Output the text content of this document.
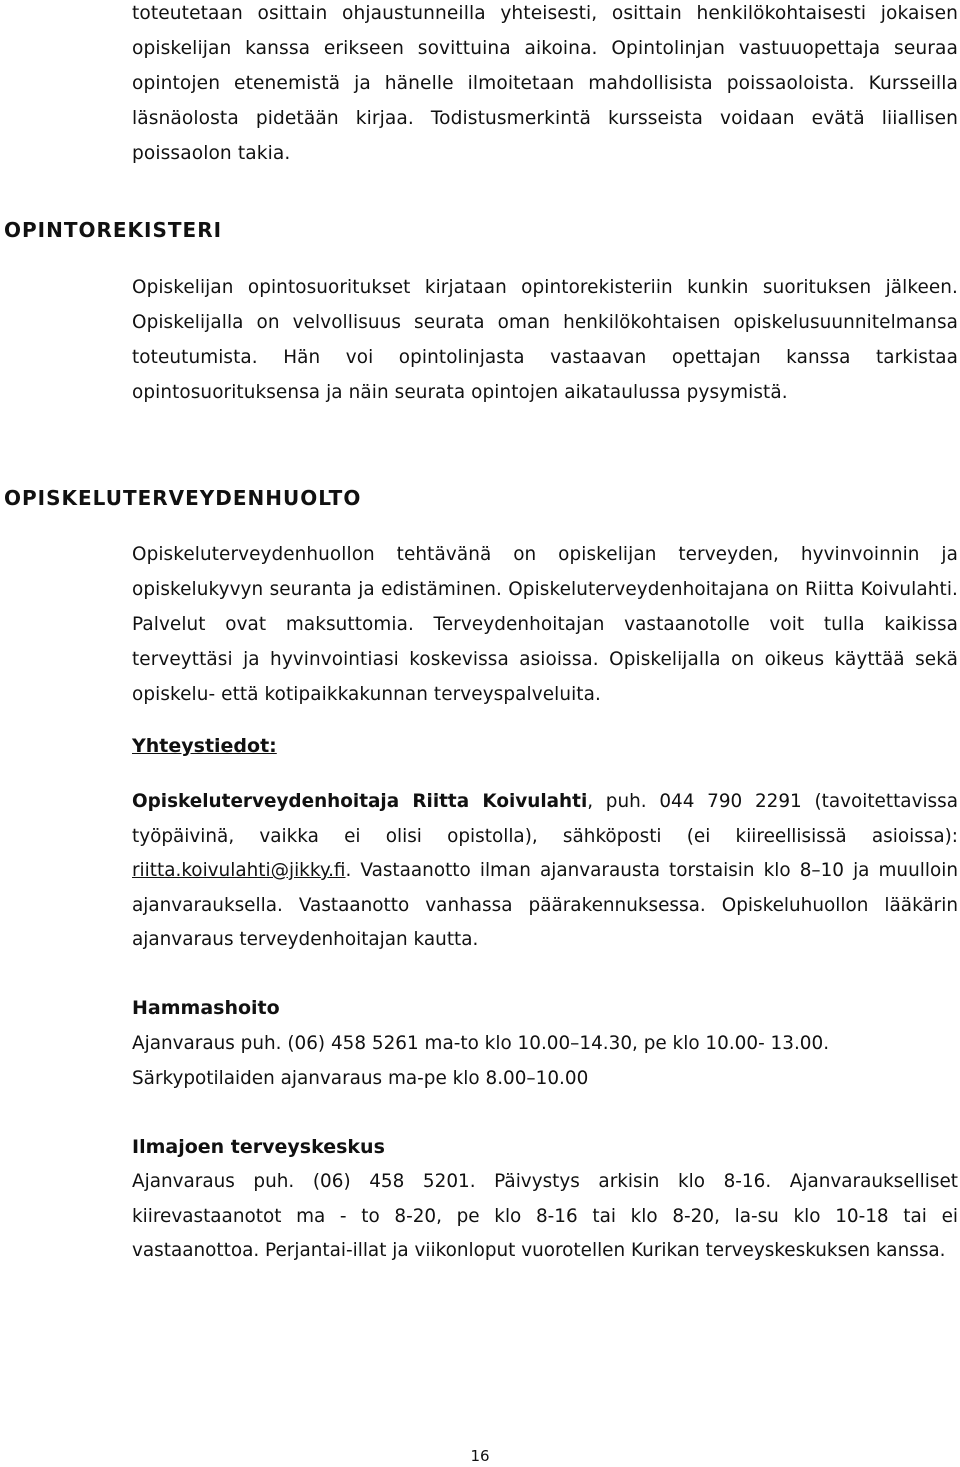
toteutetaan osittain ohjaustunneilla yhteisesti, osittain henkilökohtaisesti jokaisen opiskelijan kanssa erikseen sovittuina aikoina. Opintolinjan vastuuopettaja seuraa opintojen etenemistä ja hänelle ilmoitetaan mahdollisista poissaoloista. Kursseilla läsnäolosta pidetään kirjaa. Todistusmerkintä kursseista voidaan evätä liiallisen poissaolon takia.

OPINTOREKISTERI

Opiskelijan opintosuoritukset kirjataan opintorekisteriin kunkin suorituksen jälkeen. Opiskelijalla on velvollisuus seurata oman henkilökohtaisen opiskelusuunnitelmansa toteutumista. Hän voi opintolinjasta vastaavan opettajan kanssa tarkistaa opintosuorituksensa ja näin seurata opintojen aikataulussa pysymistä.

OPISKELUTERVEYDENHUOLTO

Opiskeluterveydenhuollon tehtävänä on opiskelijan terveyden, hyvinvoinnin ja opiskelukyvyn seuranta ja edistäminen. Opiskeluterveydenhoitajana on Riitta Koivulahti. Palvelut ovat maksuttomia. Terveydenhoitajan vastaanotolle voit tulla kaikissa terveyttäsi ja hyvinvointiasi koskevissa asioissa. Opiskelijalla on oikeus käyttää sekä opiskelu- että kotipaikkakunnan terveyspalveluita.

Yhteystiedot:

Opiskeluterveydenhoitaja Riitta Koivulahti, puh. 044 790 2291 (tavoitettavissa työpäivinä, vaikka ei olisi opistolla), sähköposti (ei kiireellisissä asioissa): riitta.koivulahti@jikky.fi. Vastaanotto ilman ajanvarausta torstaisin klo 8–10 ja muulloin ajanvarauksella. Vastaanotto vanhassa päärakennuksessa. Opiskeluhuollon lääkärin ajanvaraus terveydenhoitajan kautta.

Hammashoito
Ajanvaraus puh. (06) 458 5261 ma-to klo 10.00–14.30, pe klo 10.00- 13.00.
Särkypotilaiden ajanvaraus ma-pe klo 8.00–10.00
Ilmajoen terveyskeskus

Ajanvaraus puh. (06) 458 5201. Päivystys arkisin klo 8-16. Ajanvaraukselliset kiirevastaanotot ma - to 8-20, pe klo 8-16 tai klo 8-20, la-su klo 10-18 tai ei vastaanottoa. Perjantai-illat ja viikonloput vuorotellen Kurikan terveyskeskuksen kanssa.

16
